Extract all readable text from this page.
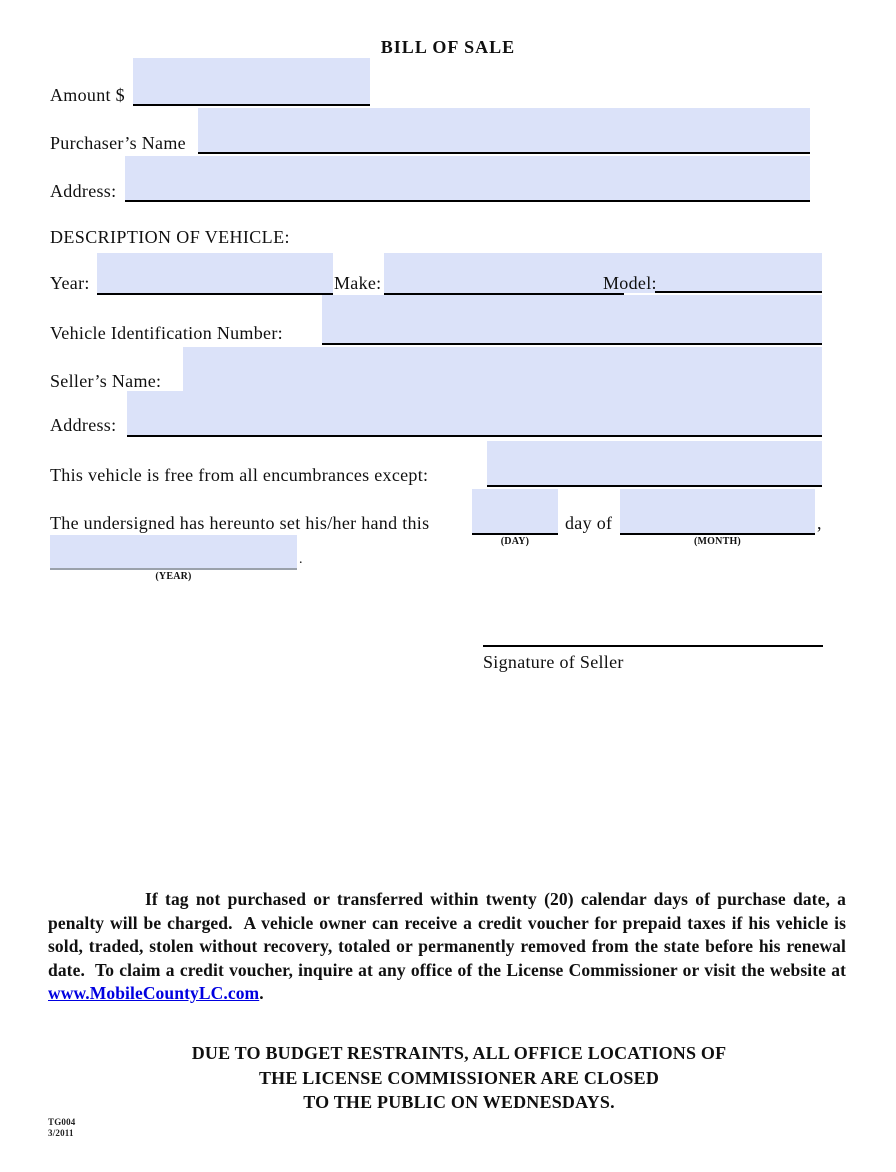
BILL OF SALE
Amount $
Purchaser’s Name
Address:
DESCRIPTION OF VEHICLE:
Year:	Make:	Model:
Vehicle Identification Number:
Seller’s Name:
Address:
This vehicle is free from all encumbrances except:
The undersigned has hereunto set his/her hand this	day of	,
(DAY)	(MONTH)
.
(YEAR)
Signature of Seller
If tag not purchased or transferred within twenty (20) calendar days of purchase date, a penalty will be charged.  A vehicle owner can receive a credit voucher for prepaid taxes if his vehicle is sold, traded, stolen without recovery, totaled or permanently removed from the state before his renewal date.  To claim a credit voucher, inquire at any office of the License Commissioner or visit the website at www.MobileCountyLC.com.
DUE TO BUDGET RESTRAINTS, ALL OFFICE LOCATIONS OF
THE LICENSE COMMISSIONER ARE CLOSED
TO THE PUBLIC ON WEDNESDAYS.
TG004
3/2011
